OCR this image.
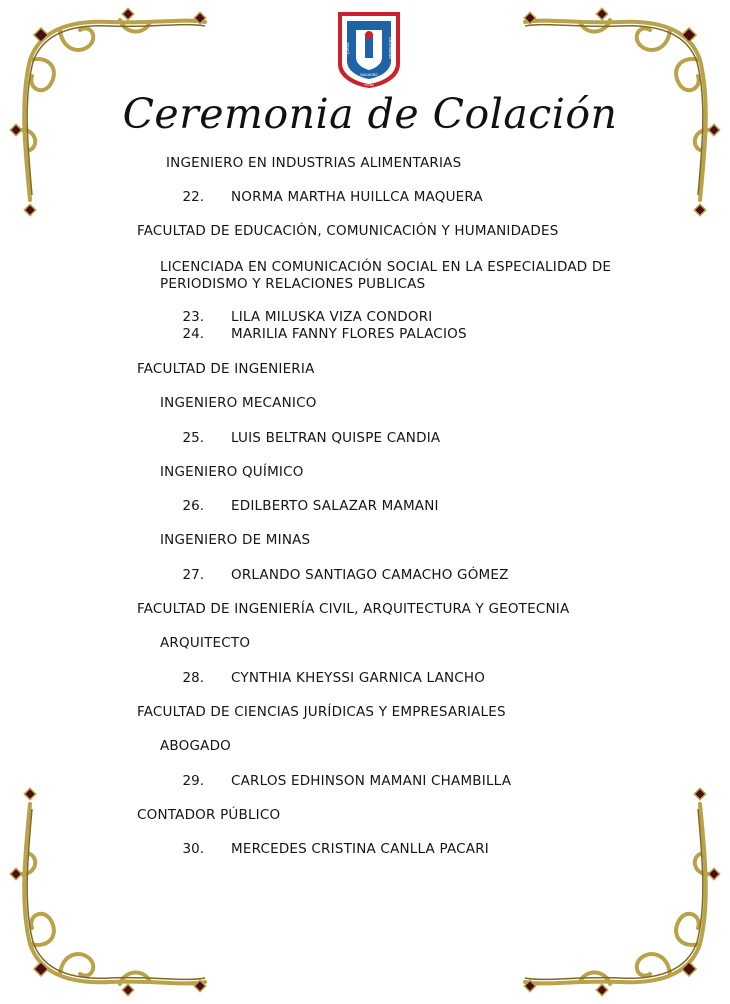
UNIVERSIDAD NACIONAL
JORGE
BASADRE
GROHMANN
TACNA
Ceremonia de Colación
INGENIERO EN INDUSTRIAS ALIMENTARIAS
22. NORMA MARTHA HUILLCA MAQUERA
FACULTAD DE EDUCACIÓN, COMUNICACIÓN Y HUMANIDADES
LICENCIADA EN COMUNICACIÓN SOCIAL EN LA ESPECIALIDAD DE
PERIODISMO Y RELACIONES PUBLICAS
23. LILA MILUSKA VIZA CONDORI
24. MARILIA FANNY FLORES PALACIOS
FACULTAD DE INGENIERIA
INGENIERO MECANICO
25. LUIS BELTRAN QUISPE CANDIA
INGENIERO QUÍMICO
26. EDILBERTO SALAZAR MAMANI
INGENIERO DE MINAS
27. ORLANDO SANTIAGO CAMACHO GÓMEZ
FACULTAD DE INGENIERÍA CIVIL, ARQUITECTURA Y GEOTECNIA
ARQUITECTO
28. CYNTHIA KHEYSSI GARNICA LANCHO
FACULTAD DE CIENCIAS JURÍDICAS Y EMPRESARIALES
ABOGADO
29. CARLOS EDHINSON MAMANI CHAMBILLA
CONTADOR PÚBLICO
30. MERCEDES CRISTINA CANLLA PACARI
